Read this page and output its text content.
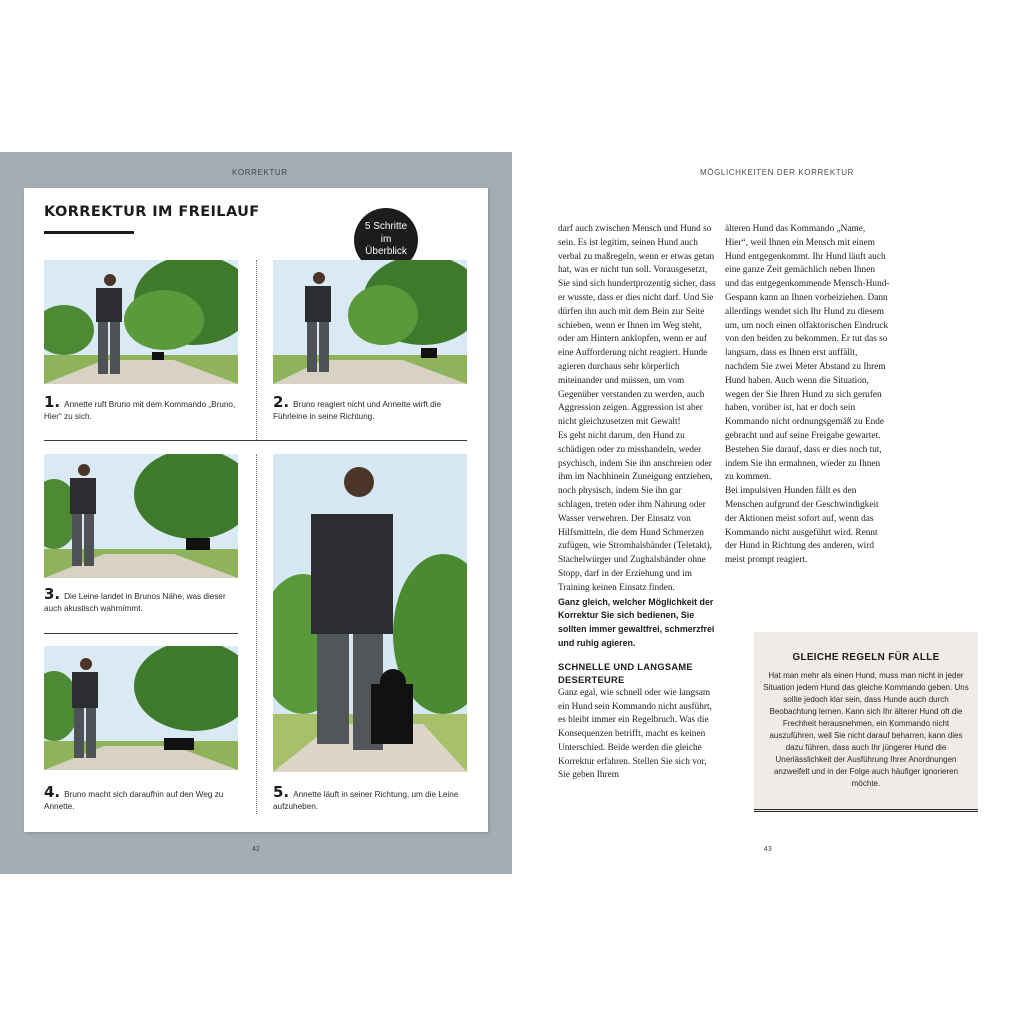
KORREKTUR
KORREKTUR IM FREILAUF
5 Schritte
im
Überblick
1. Annette ruft Bruno mit dem Kommando „Bruno, Hier“ zu sich.
2. Bruno reagiert nicht und Annette wirft die Führleine in seine Richtung.
3. Die Leine landet in Brunos Nähe, was dieser auch akustisch wahrnimmt.
4. Bruno macht sich daraufhin auf den Weg zu Annette.
5. Annette läuft in seiner Richtung, um die Leine aufzuheben.
42
MÖGLICHKEITEN DER KORREKTUR

darf auch zwischen Mensch und Hund so sein. Es ist legitim, seinen Hund auch verbal zu maßregeln, wenn er etwas getan hat, was er nicht tun soll. Vorausgesetzt, Sie sind sich hundertprozentig sicher, dass er wusste, dass er dies nicht darf. Und Sie dürfen ihn auch mit dem Bein zur Seite schieben, wenn er Ihnen im Weg steht, oder am Hintern anklopfen, wenn er auf eine Aufforderung nicht reagiert. Hunde agieren durchaus sehr körperlich miteinander und müssen, um vom Gegenüber verstanden zu werden, auch Aggression zeigen. Aggression ist aber nicht gleichzusetzen mit Gewalt!

Es geht nicht darum, den Hund zu schädigen oder zu misshandeln, weder psychisch, indem Sie ihn anschreien oder ihm im Nachhinein Zuneigung entziehen, noch physisch, indem Sie ihn gar schlagen, treten oder ihm Nahrung oder Wasser verwehren. Der Einsatz von Hilfsmitteln, die dem Hund Schmerzen zufügen, wie Stromhalsbänder (Teletakt), Stachelwürger und Zughalsbänder ohne Stopp, darf in der Erziehung und im Training keinen Einsatz finden.

Ganz gleich, welcher Möglichkeit der Korrektur Sie sich bedienen, Sie sollten immer gewaltfrei, schmerzfrei und ruhig agieren.

SCHNELLE UND LANGSAME DESERTEURE

Ganz egal, wie schnell oder wie langsam ein Hund sein Kommando nicht ausführt, es bleibt immer ein Regelbruch. Was die Konsequenzen betrifft, macht es keinen Unterschied. Beide werden die gleiche Korrektur erfahren. Stellen Sie sich vor, Sie geben Ihrem

älteren Hund das Kommando „Name, Hier“, weil Ihnen ein Mensch mit einem Hund entgegenkommt. Ihr Hund läuft auch eine ganze Zeit gemächlich neben Ihnen und das entgegenkommende Mensch-Hund-Gespann kann an Ihnen vorbeiziehen. Dann allerdings wendet sich Ihr Hund zu diesem um, um noch einen olfaktorischen Eindruck von den beiden zu bekommen. Er tut das so langsam, dass es Ihnen erst auffällt, nachdem Sie zwei Meter Abstand zu Ihrem Hund haben. Auch wenn die Situation, wegen der Sie Ihren Hund zu sich gerufen haben, vorüber ist, hat er doch sein Kommando nicht ordnungsgemäß zu Ende gebracht und auf seine Freigabe gewartet. Bestehen Sie darauf, dass er dies noch tut, indem Sie ihn ermahnen, wieder zu Ihnen zu kommen.

Bei impulsiven Hunden fällt es den Menschen aufgrund der Geschwindigkeit der Aktionen meist sofort auf, wenn das Kommando nicht ausgeführt wird. Rennt der Hund in Richtung des anderen, wird meist prompt reagiert.

GLEICHE REGELN FÜR ALLE
Hat man mehr als einen Hund, muss man nicht in jeder Situation jedem Hund das gleiche Kommando geben. Uns sollte jedoch klar sein, dass Hunde auch durch Beobachtung lernen. Kann sich Ihr älterer Hund oft die Frechheit herausnehmen, ein Kommando nicht auszuführen, weil Sie nicht darauf beharren, kann dies dazu führen, dass auch Ihr jüngerer Hund die Unerlässlichkeit der Ausführung Ihrer Anordnungen anzweifelt und in der Folge auch häufiger ignorieren möchte.
43
